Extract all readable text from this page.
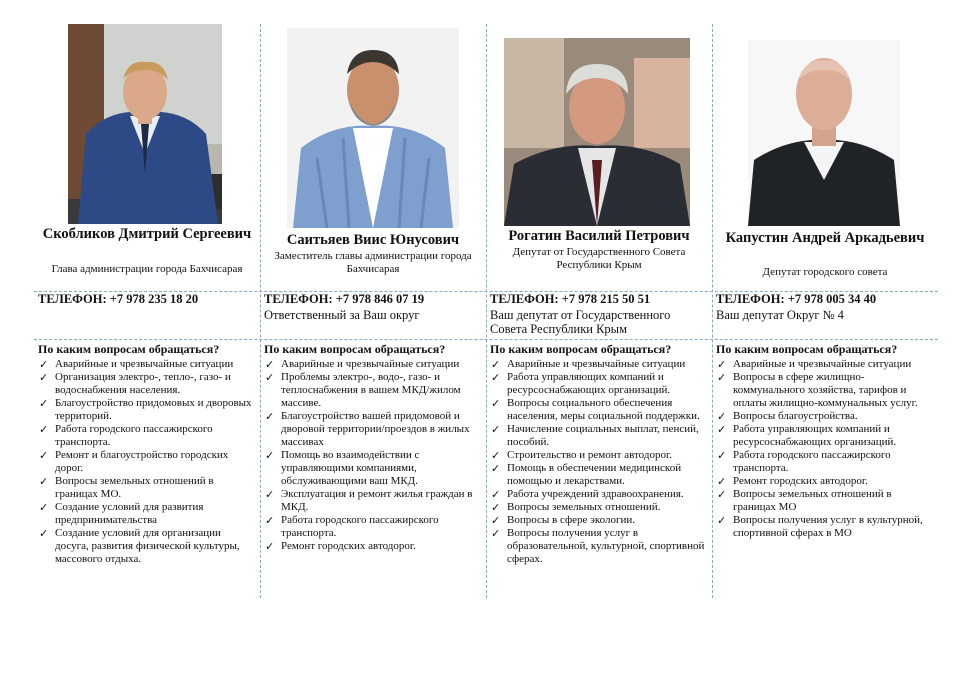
Скобликов Дмитрий Сергеевич
Глава администрации города Бахчисарая
ТЕЛЕФОН: +7 978 235 18 20
По каким вопросам обращаться?
✓ Аварийные и чрезвычайные ситуации
✓ Организация электро-, тепло-, газо- и водоснабжения населения.
✓ Благоустройство придомовых и дворовых территорий.
✓ Работа городского пассажирского транспорта.
✓ Ремонт и благоустройство городских дорог.
✓ Вопросы земельных отношений в границах МО.
✓ Создание условий для развития предпринимательства
✓ Создание условий для организации досуга, развития физической культуры, массового отдыха.
Саитьяев Виис Юнусович
Заместитель главы администрации города Бахчисарая
ТЕЛЕФОН: +7 978 846 07 19
Ответственный за Ваш округ
По каким вопросам обращаться?
✓ Аварийные и чрезвычайные ситуации
✓ Проблемы электро-, водо-, газо- и теплоснабжения в вашем МКД/жилом массиве.
✓ Благоустройство вашей придомовой и дворовой территории/проездов в жилых массивах
✓ Помощь во взаимодействии с управляющими компаниями, обслуживающими ваш МКД.
✓ Эксплуатация и ремонт жилья граждан в МКД.
✓ Работа городского пассажирского транспорта.
✓ Ремонт городских автодорог.
Рогатин Василий Петрович
Депутат от Государственного Совета Республики Крым
ТЕЛЕФОН: +7 978 215 50 51
Ваш депутат от Государственного Совета Республики Крым
По каким вопросам обращаться?
✓ Аварийные и чрезвычайные ситуации
✓ Работа управляющих компаний и ресурсоснабжающих организаций.
✓ Вопросы социального обеспечения населения, меры социальной поддержки.
✓ Начисление социальных выплат, пенсий, пособий.
✓ Строительство и ремонт автодорог.
✓ Помощь в обеспечении медицинской помощью и лекарствами.
✓ Работа учреждений здравоохранения.
✓ Вопросы земельных отношений.
✓ Вопросы в сфере экологии.
✓ Вопросы получения услуг в образовательной, культурной, спортивной сферах.
Капустин Андрей Аркадьевич
Депутат городского совета
ТЕЛЕФОН: +7 978 005 34 40
Ваш депутат Округ № 4
По каким вопросам обращаться?
✓ Аварийные и чрезвычайные ситуации
✓ Вопросы в сфере жилищно-коммунального хозяйства, тарифов и оплаты жилищно-коммунальных услуг.
✓ Вопросы благоустройства.
✓ Работа управляющих компаний и ресурсоснабжающих организаций.
✓ Работа городского пассажирского транспорта.
✓ Ремонт городских автодорог.
✓ Вопросы земельных отношений в границах МО
✓ Вопросы получения услуг в культурной, спортивной сферах в МО
